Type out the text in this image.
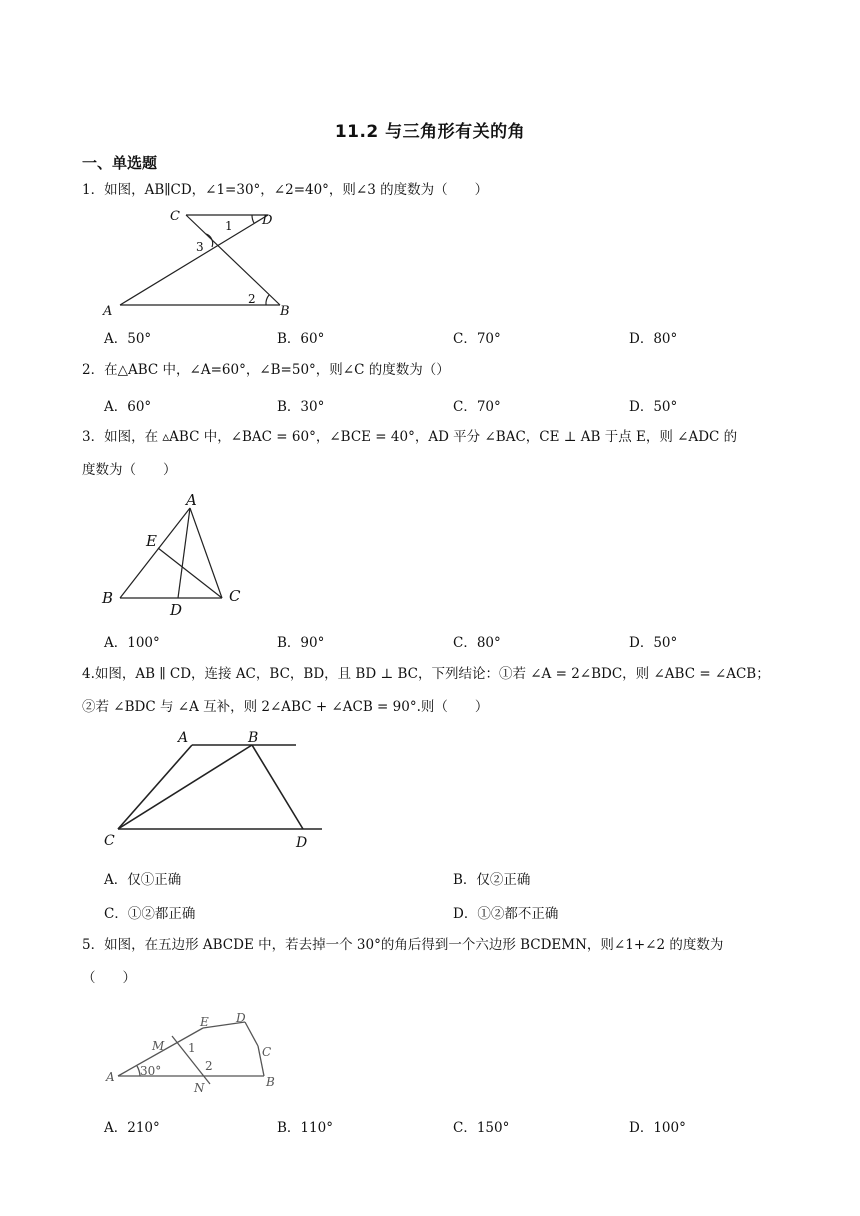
11.2 与三角形有关的角
一、单选题
1．如图，AB∥CD，∠1=30°，∠2=40°，则∠3 的度数为（　　）
C	D
A	B
1
3
2
A．50°	B．60°	C．70°	D．80°
2．在△ABC 中，∠A=60°，∠B=50°，则∠C 的度数为（）
A．60°	B．30°	C．70°	D．50°
3．如图，在 ▵ABC 中，∠BAC = 60°，∠BCE = 40°，AD 平分 ∠BAC，CE ⊥ AB 于点 E，则 ∠ADC 的
度数为（　　）
A
E
B
D
C
A．100°	B．90°	C．80°	D．50°
4.如图，AB ∥ CD，连接 AC，BC，BD，且 BD ⊥ BC，下列结论：①若 ∠A = 2∠BDC，则 ∠ABC = ∠ACB；
②若 ∠BDC 与 ∠A 互补，则 2∠ABC + ∠ACB = 90°.则（　　）
A	B
C	D
A．仅①正确	B．仅②正确
C．①②都正确	D．①②都不正确
5．如图，在五边形 ABCDE 中，若去掉一个 30°的角后得到一个六边形 BCDEMN，则∠1+∠2 的度数为
（　　）
E D
M	C
A
N	B
1
30°	2
A．210°	B．110°	C．150°	D．100°
